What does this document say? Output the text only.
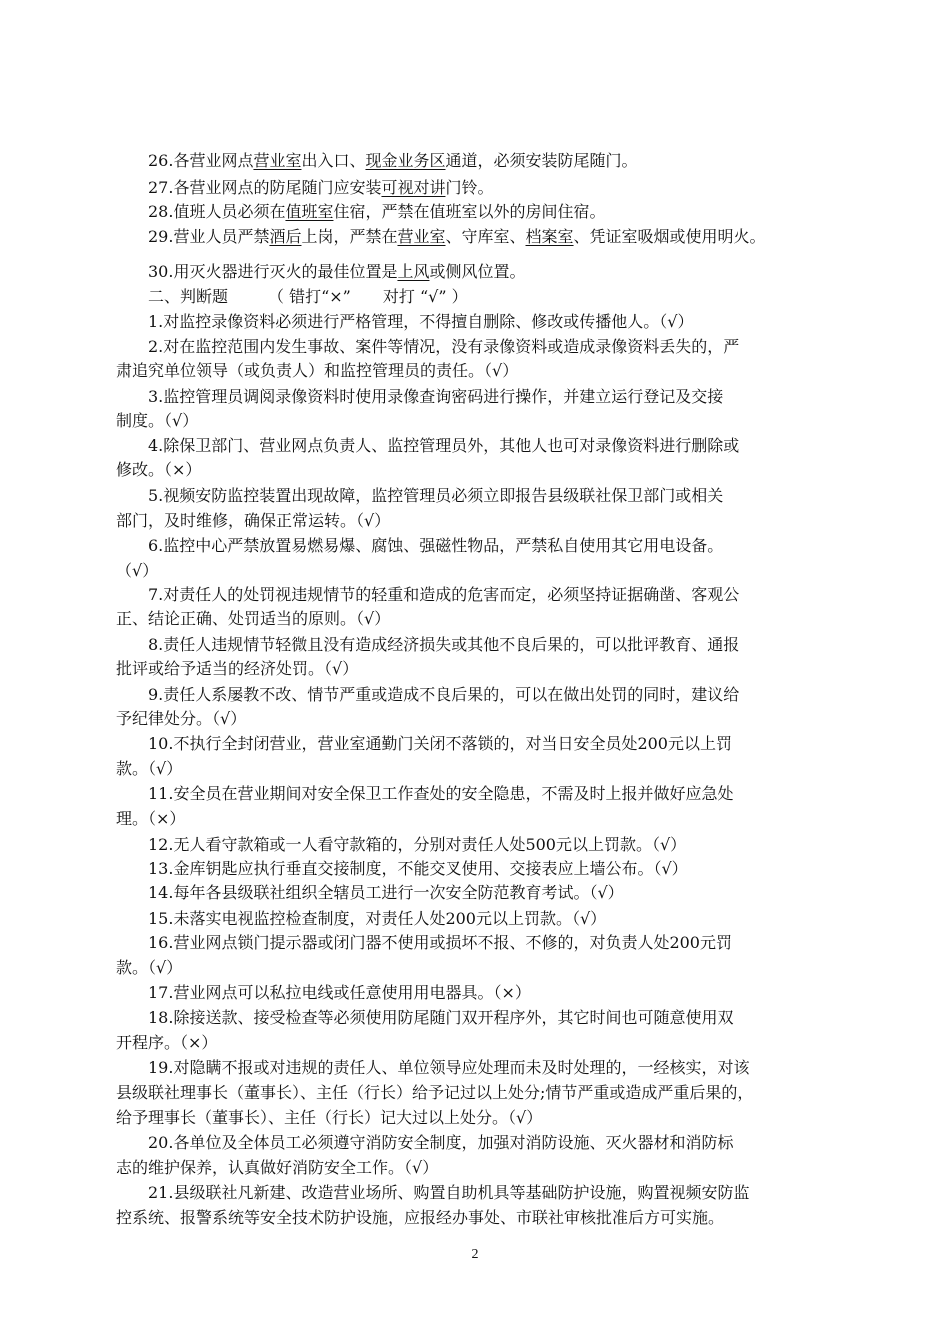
26.各营业网点营业室出入口、现金业务区通道，必须安装防尾随门。
27.各营业网点的防尾随门应安装可视对讲门铃。
28.值班人员必须在值班室住宿，严禁在值班室以外的房间住宿。
29.营业人员严禁酒后上岗，严禁在营业室、守库室、档案室、凭证室吸烟或使用明火。
30.用灭火器进行灭火的最佳位置是上风或侧风位置。
二、判断题　　　（ 错打“×”　　对打 “√” ）
1.对监控录像资料必须进行严格管理，不得擅自删除、修改或传播他人。（√）
2.对在监控范围内发生事故、案件等情况，没有录像资料或造成录像资料丢失的，严
肃追究单位领导（或负责人）和监控管理员的责任。（√）
3.监控管理员调阅录像资料时使用录像查询密码进行操作，并建立运行登记及交接
制度。（√）
4.除保卫部门、营业网点负责人、监控管理员外，其他人也可对录像资料进行删除或
修改。（×）
5.视频安防监控装置出现故障，监控管理员必须立即报告县级联社保卫部门或相关
部门，及时维修，确保正常运转。（√）
6.监控中心严禁放置易燃易爆、腐蚀、强磁性物品，严禁私自使用其它用电设备。
（√）
7.对责任人的处罚视违规情节的轻重和造成的危害而定，必须坚持证据确凿、客观公
正、结论正确、处罚适当的原则。（√）
8.责任人违规情节轻微且没有造成经济损失或其他不良后果的，可以批评教育、通报
批评或给予适当的经济处罚。（√）
9.责任人系屡教不改、情节严重或造成不良后果的，可以在做出处罚的同时，建议给
予纪律处分。（√）
10.不执行全封闭营业，营业室通勤门关闭不落锁的，对当日安全员处200元以上罚
款。（√）
11.安全员在营业期间对安全保卫工作查处的安全隐患，不需及时上报并做好应急处
理。（×）
12.无人看守款箱或一人看守款箱的，分别对责任人处500元以上罚款。（√）
13.金库钥匙应执行垂直交接制度，不能交叉使用、交接表应上墙公布。（√）
14.每年各县级联社组织全辖员工进行一次安全防范教育考试。（√）
15.未落实电视监控检查制度，对责任人处200元以上罚款。（√）
16.营业网点锁门提示器或闭门器不使用或损坏不报、不修的，对负责人处200元罚
款。（√）
17.营业网点可以私拉电线或任意使用用电器具。（×）
18.除接送款、接受检查等必须使用防尾随门双开程序外，其它时间也可随意使用双
开程序。（×）
19.对隐瞒不报或对违规的责任人、单位领导应处理而未及时处理的，一经核实，对该
县级联社理事长（董事长）、主任（行长）给予记过以上处分;情节严重或造成严重后果的，
给予理事长（董事长）、主任（行长）记大过以上处分。（√）
20.各单位及全体员工必须遵守消防安全制度，加强对消防设施、灭火器材和消防标
志的维护保养，认真做好消防安全工作。（√）
21.县级联社凡新建、改造营业场所、购置自助机具等基础防护设施，购置视频安防监
控系统、报警系统等安全技术防护设施，应报经办事处、市联社审核批准后方可实施。
2
